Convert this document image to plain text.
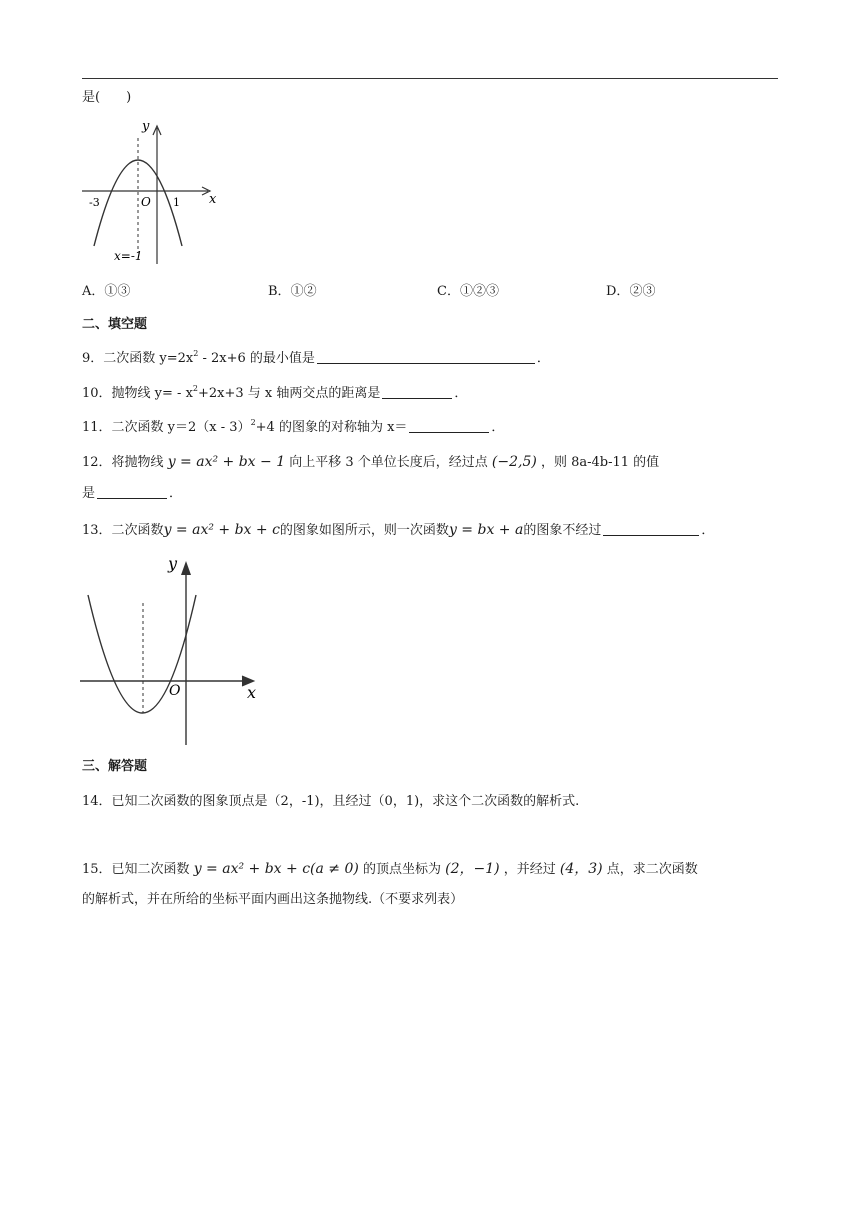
是(　　)
y
x
O
-3	1
x=-1
A．①③	B．①②	C．①②③	D．②③
二、填空题
9．二次函数 $y=2x^2 - 2x+6$ 的最小值是	．
10．抛物线 $y= - x^2+2x+3$ 与 x 轴两交点的距离是	．
11．二次函数 y＝2（x - 3）$^2$+4 的图象的对称轴为 x＝	．
12．将抛物线 y = ax² + bx − 1 向上平移 3 个单位长度后，经过点 (−2,5) ，则 8a-4b-11 的值
是	．
13．二次函数y = ax² + bx + c的图象如图所示，则一次函数y = bx + a的图象不经过	．
y
x
O
三、解答题
14．已知二次函数的图象顶点是（2，-1)，且经过（0，1)，求这个二次函数的解析式.
15．已知二次函数 y = ax² + bx + c(a ≠ 0) 的顶点坐标为 (2，−1) ，并经过 (4，3) 点，求二次函数
的解析式，并在所给的坐标平面内画出这条抛物线.（不要求列表）
